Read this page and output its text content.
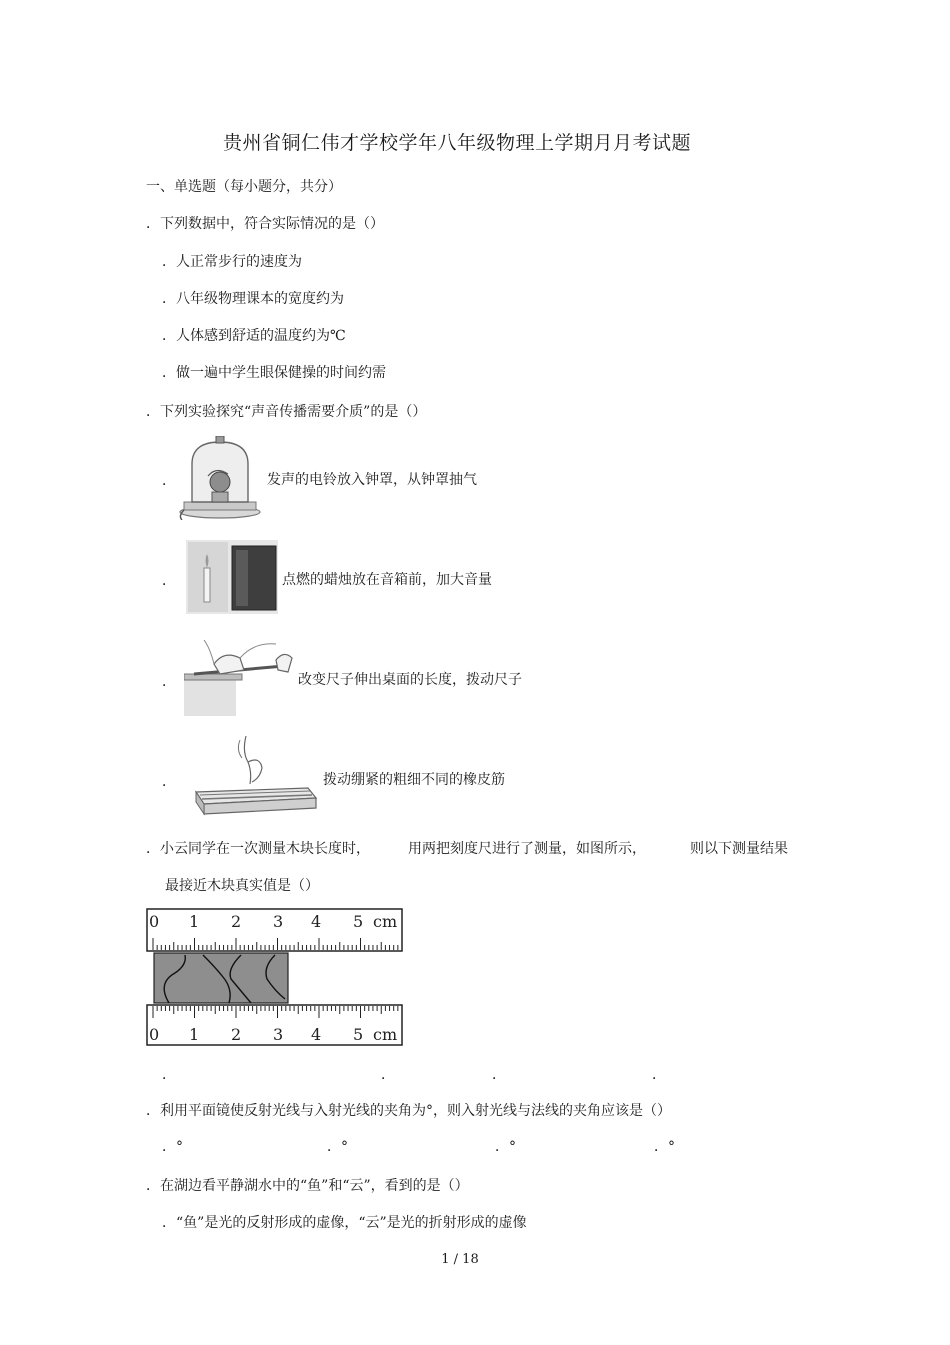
贵州省铜仁伟才学校学年八年级物理上学期月月考试题
一、单选题（每小题分，共分）
．下列数据中，符合实际情况的是（）
．人正常步行的速度为
．八年级物理课本的宽度约为
．人体感到舒适的温度约为℃
．做一遍中学生眼保健操的时间约需
．下列实验探究“声音传播需要介质”的是（）
．	发声的电铃放入钟罩，从钟罩抽气
．	点燃的蜡烛放在音箱前，加大音量
．	改变尺子伸出桌面的长度，拨动尺子
．	拨动绷紧的粗细不同的橡皮筋
．小云同学在一次测量木块长度时，	用两把刻度尺进行了测量，如图所示，	则以下测量结果
最接近木块真实值是（）
0 1 2 3 4 5 cm
0 1 2 3 4 5 cm
．	．	．	．
．利用平面镜使反射光线与入射光线的夹角为°，则入射光线与法线的夹角应该是（）
．°	．°	．°	．°
．在湖边看平静湖水中的“鱼”和“云”，看到的是（）
．“鱼”是光的反射形成的虚像，“云”是光的折射形成的虚像
1 / 18
